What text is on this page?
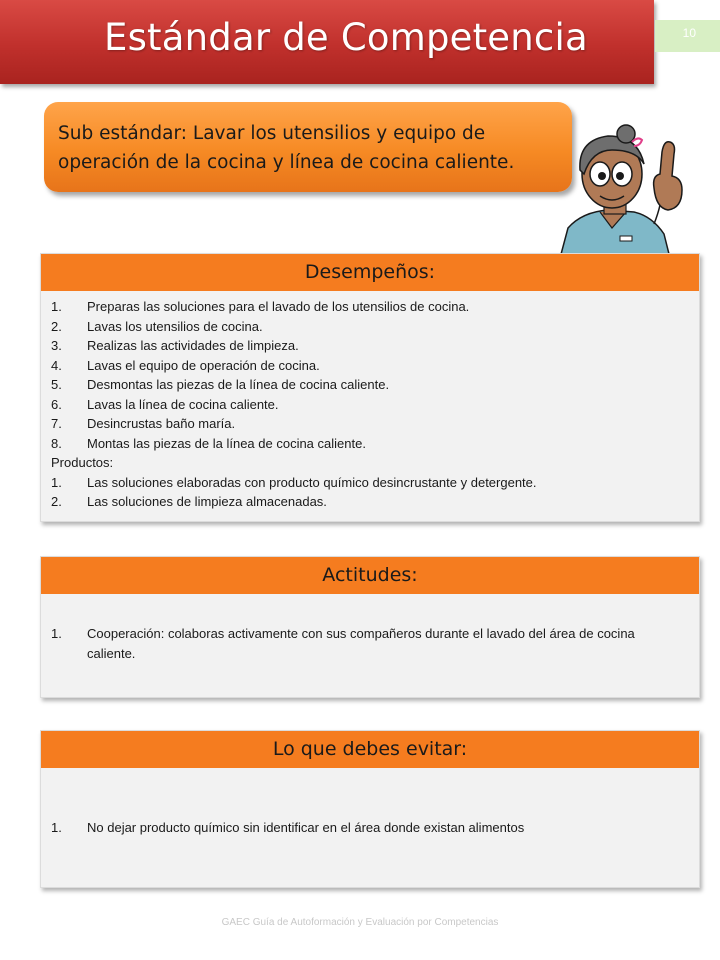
Estándar de Competencia	10

Sub estándar: Lavar los utensilios y equipo de operación de la cocina y línea de cocina caliente.

Desempeños:
1.	Preparas las soluciones para el lavado de los utensilios de cocina.
2.	Lavas los utensilios de cocina.
3.	Realizas las actividades de limpieza.
4.	Lavas el equipo de operación de cocina.
5.	Desmontas las piezas de la línea de cocina caliente.
6.	Lavas la línea de cocina caliente.
7.	Desincrustas baño maría.
8.	Montas las piezas de la línea de cocina caliente.
Productos:
1.	Las soluciones elaboradas con producto químico desincrustante y detergente.
2.	Las soluciones de limpieza almacenadas.
Actitudes:
1.	Cooperación: colaboras activamente con sus compañeros durante el lavado del área de cocina caliente.
Lo que debes evitar:
1.	No dejar producto químico sin identificar en el área donde existan alimentos
GAEC Guía de Autoformación y Evaluación por Competencias
